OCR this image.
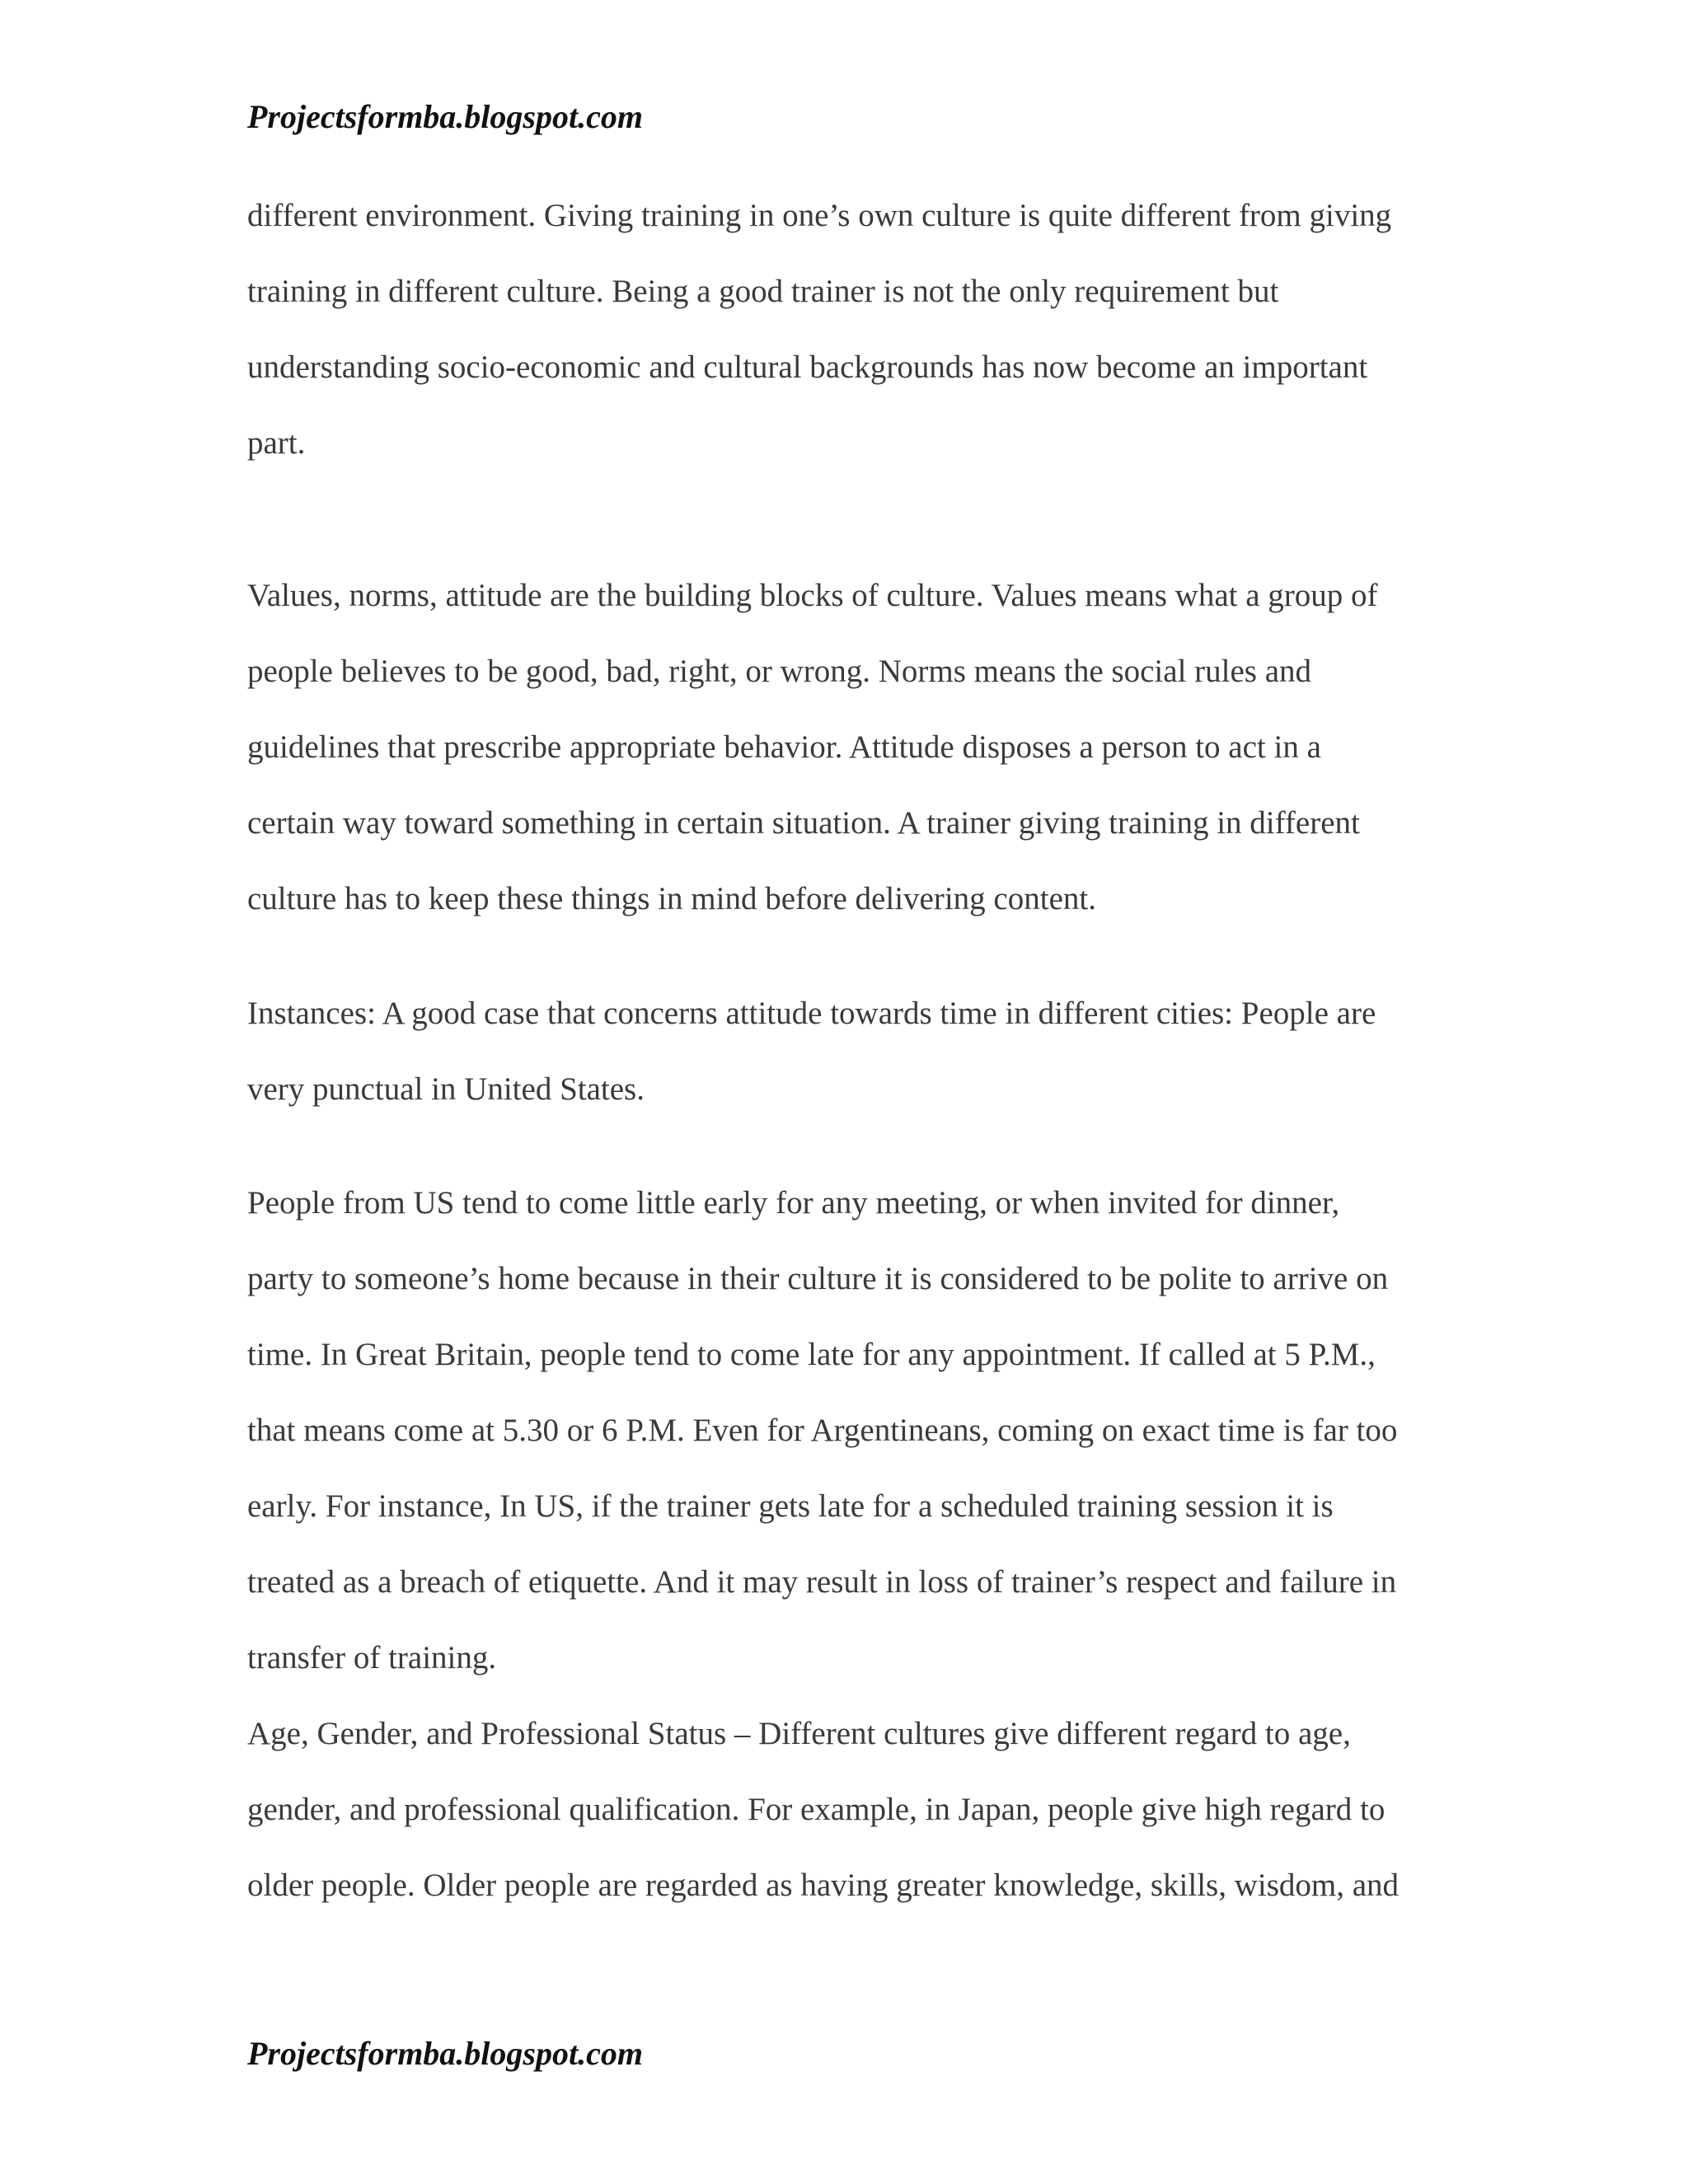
Projectsformba.blogspot.com
different environment. Giving training in one’s own culture is quite different from giving
training in different culture. Being a good trainer is not the only requirement but
understanding socio-economic and cultural backgrounds has now become an important
part.
Values, norms, attitude are the building blocks of culture. Values means what a group of
people believes to be good, bad, right, or wrong. Norms means the social rules and
guidelines that prescribe appropriate behavior. Attitude disposes a person to act in a
certain way toward something in certain situation. A trainer giving training in different
culture has to keep these things in mind before delivering content.
Instances: A good case that concerns attitude towards time in different cities: People are
very punctual in United States.
People from US tend to come little early for any meeting, or when invited for dinner,
party to someone’s home because in their culture it is considered to be polite to arrive on
time. In Great Britain, people tend to come late for any appointment. If called at 5 P.M.,
that means come at 5.30 or 6 P.M. Even for Argentineans, coming on exact time is far too
early. For instance, In US, if the trainer gets late for a scheduled training session it is
treated as a breach of etiquette. And it may result in loss of trainer’s respect and failure in
transfer of training.
Age, Gender, and Professional Status – Different cultures give different regard to age,
gender, and professional qualification. For example, in Japan, people give high regard to
older people. Older people are regarded as having greater knowledge, skills, wisdom, and
Projectsformba.blogspot.com
